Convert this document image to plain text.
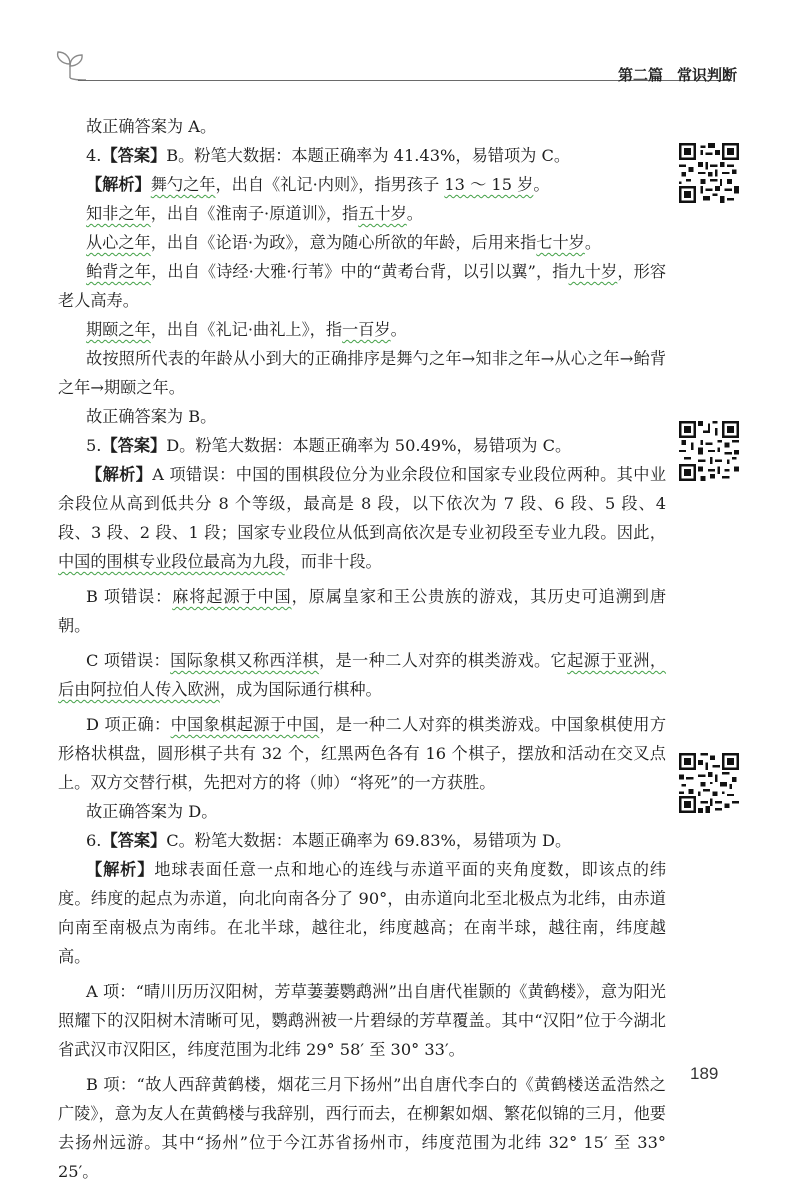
第二篇 常识判断

故正确答案为 A。

4.【答案】B。粉笔大数据：本题正确率为 41.43%，易错项为 C。

【解析】舞勺之年，出自《礼记·内则》，指男孩子 13 ～ 15 岁。

知非之年，出自《淮南子·原道训》，指五十岁。

从心之年，出自《论语·为政》，意为随心所欲的年龄，后用来指七十岁。

鲐背之年，出自《诗经·大雅·行苇》中的“黄耇台背，以引以翼”，指九十岁，形容老人高寿。

期颐之年，出自《礼记·曲礼上》，指一百岁。

故按照所代表的年龄从小到大的正确排序是舞勺之年→知非之年→从心之年→鲐背之年→期颐之年。

故正确答案为 B。

5.【答案】D。粉笔大数据：本题正确率为 50.49%，易错项为 C。

【解析】A 项错误：中国的围棋段位分为业余段位和国家专业段位两种。其中业余段位从高到低共分 8 个等级，最高是 8 段，以下依次为 7 段、6 段、5 段、4 段、3 段、2 段、1 段；国家专业段位从低到高依次是专业初段至专业九段。因此，中国的围棋专业段位最高为九段，而非十段。

B 项错误：麻将起源于中国，原属皇家和王公贵族的游戏，其历史可追溯到唐朝。

C 项错误：国际象棋又称西洋棋，是一种二人对弈的棋类游戏。它起源于亚洲，后由阿拉伯人传入欧洲，成为国际通行棋种。

D 项正确：中国象棋起源于中国，是一种二人对弈的棋类游戏。中国象棋使用方形格状棋盘，圆形棋子共有 32 个，红黑两色各有 16 个棋子，摆放和活动在交叉点上。双方交替行棋，先把对方的将（帅）“将死”的一方获胜。

故正确答案为 D。

6.【答案】C。粉笔大数据：本题正确率为 69.83%，易错项为 D。

【解析】地球表面任意一点和地心的连线与赤道平面的夹角度数，即该点的纬度。纬度的起点为赤道，向北向南各分了 90°，由赤道向北至北极点为北纬，由赤道向南至南极点为南纬。在北半球，越往北，纬度越高；在南半球，越往南，纬度越高。

A 项：“晴川历历汉阳树，芳草萋萋鹦鹉洲”出自唐代崔颢的《黄鹤楼》，意为阳光照耀下的汉阳树木清晰可见，鹦鹉洲被一片碧绿的芳草覆盖。其中“汉阳”位于今湖北省武汉市汉阳区，纬度范围为北纬 29° 58′ 至 30° 33′。

B 项：“故人西辞黄鹤楼，烟花三月下扬州”出自唐代李白的《黄鹤楼送孟浩然之广陵》，意为友人在黄鹤楼与我辞别，西行而去，在柳絮如烟、繁花似锦的三月，他要去扬州远游。其中“扬州”位于今江苏省扬州市，纬度范围为北纬 32° 15′ 至 33° 25′。

189
